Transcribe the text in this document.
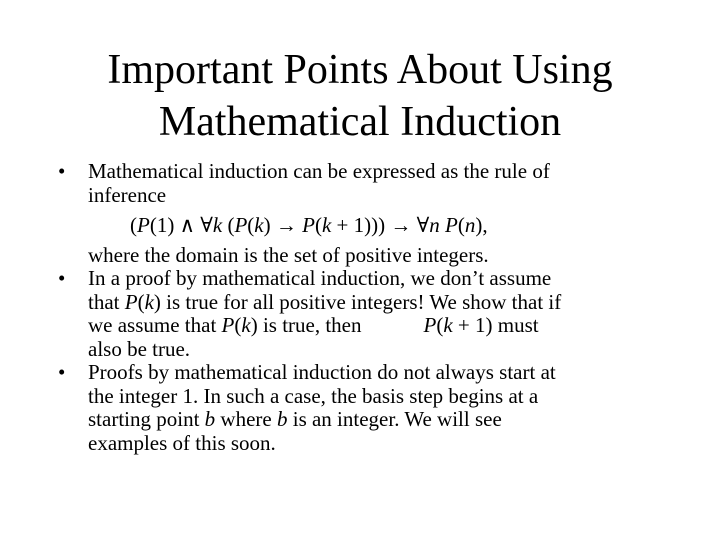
Important Points About Using
Mathematical Induction
•	Mathematical induction can be expressed as the rule of
inference
(P(1) ∧ ∀k (P(k) → P(k + 1))) → ∀n P(n),
where the domain is the set of positive integers.
•	In a proof by mathematical induction, we don’t assume
that P(k) is true for all positive integers! We show that if
we assume that P(k) is true, then	P(k + 1) must
also be true.
•	Proofs by mathematical induction do not always start at
the integer 1. In such a case, the basis step begins at a
starting point b where b is an integer. We will see
examples of this soon.
